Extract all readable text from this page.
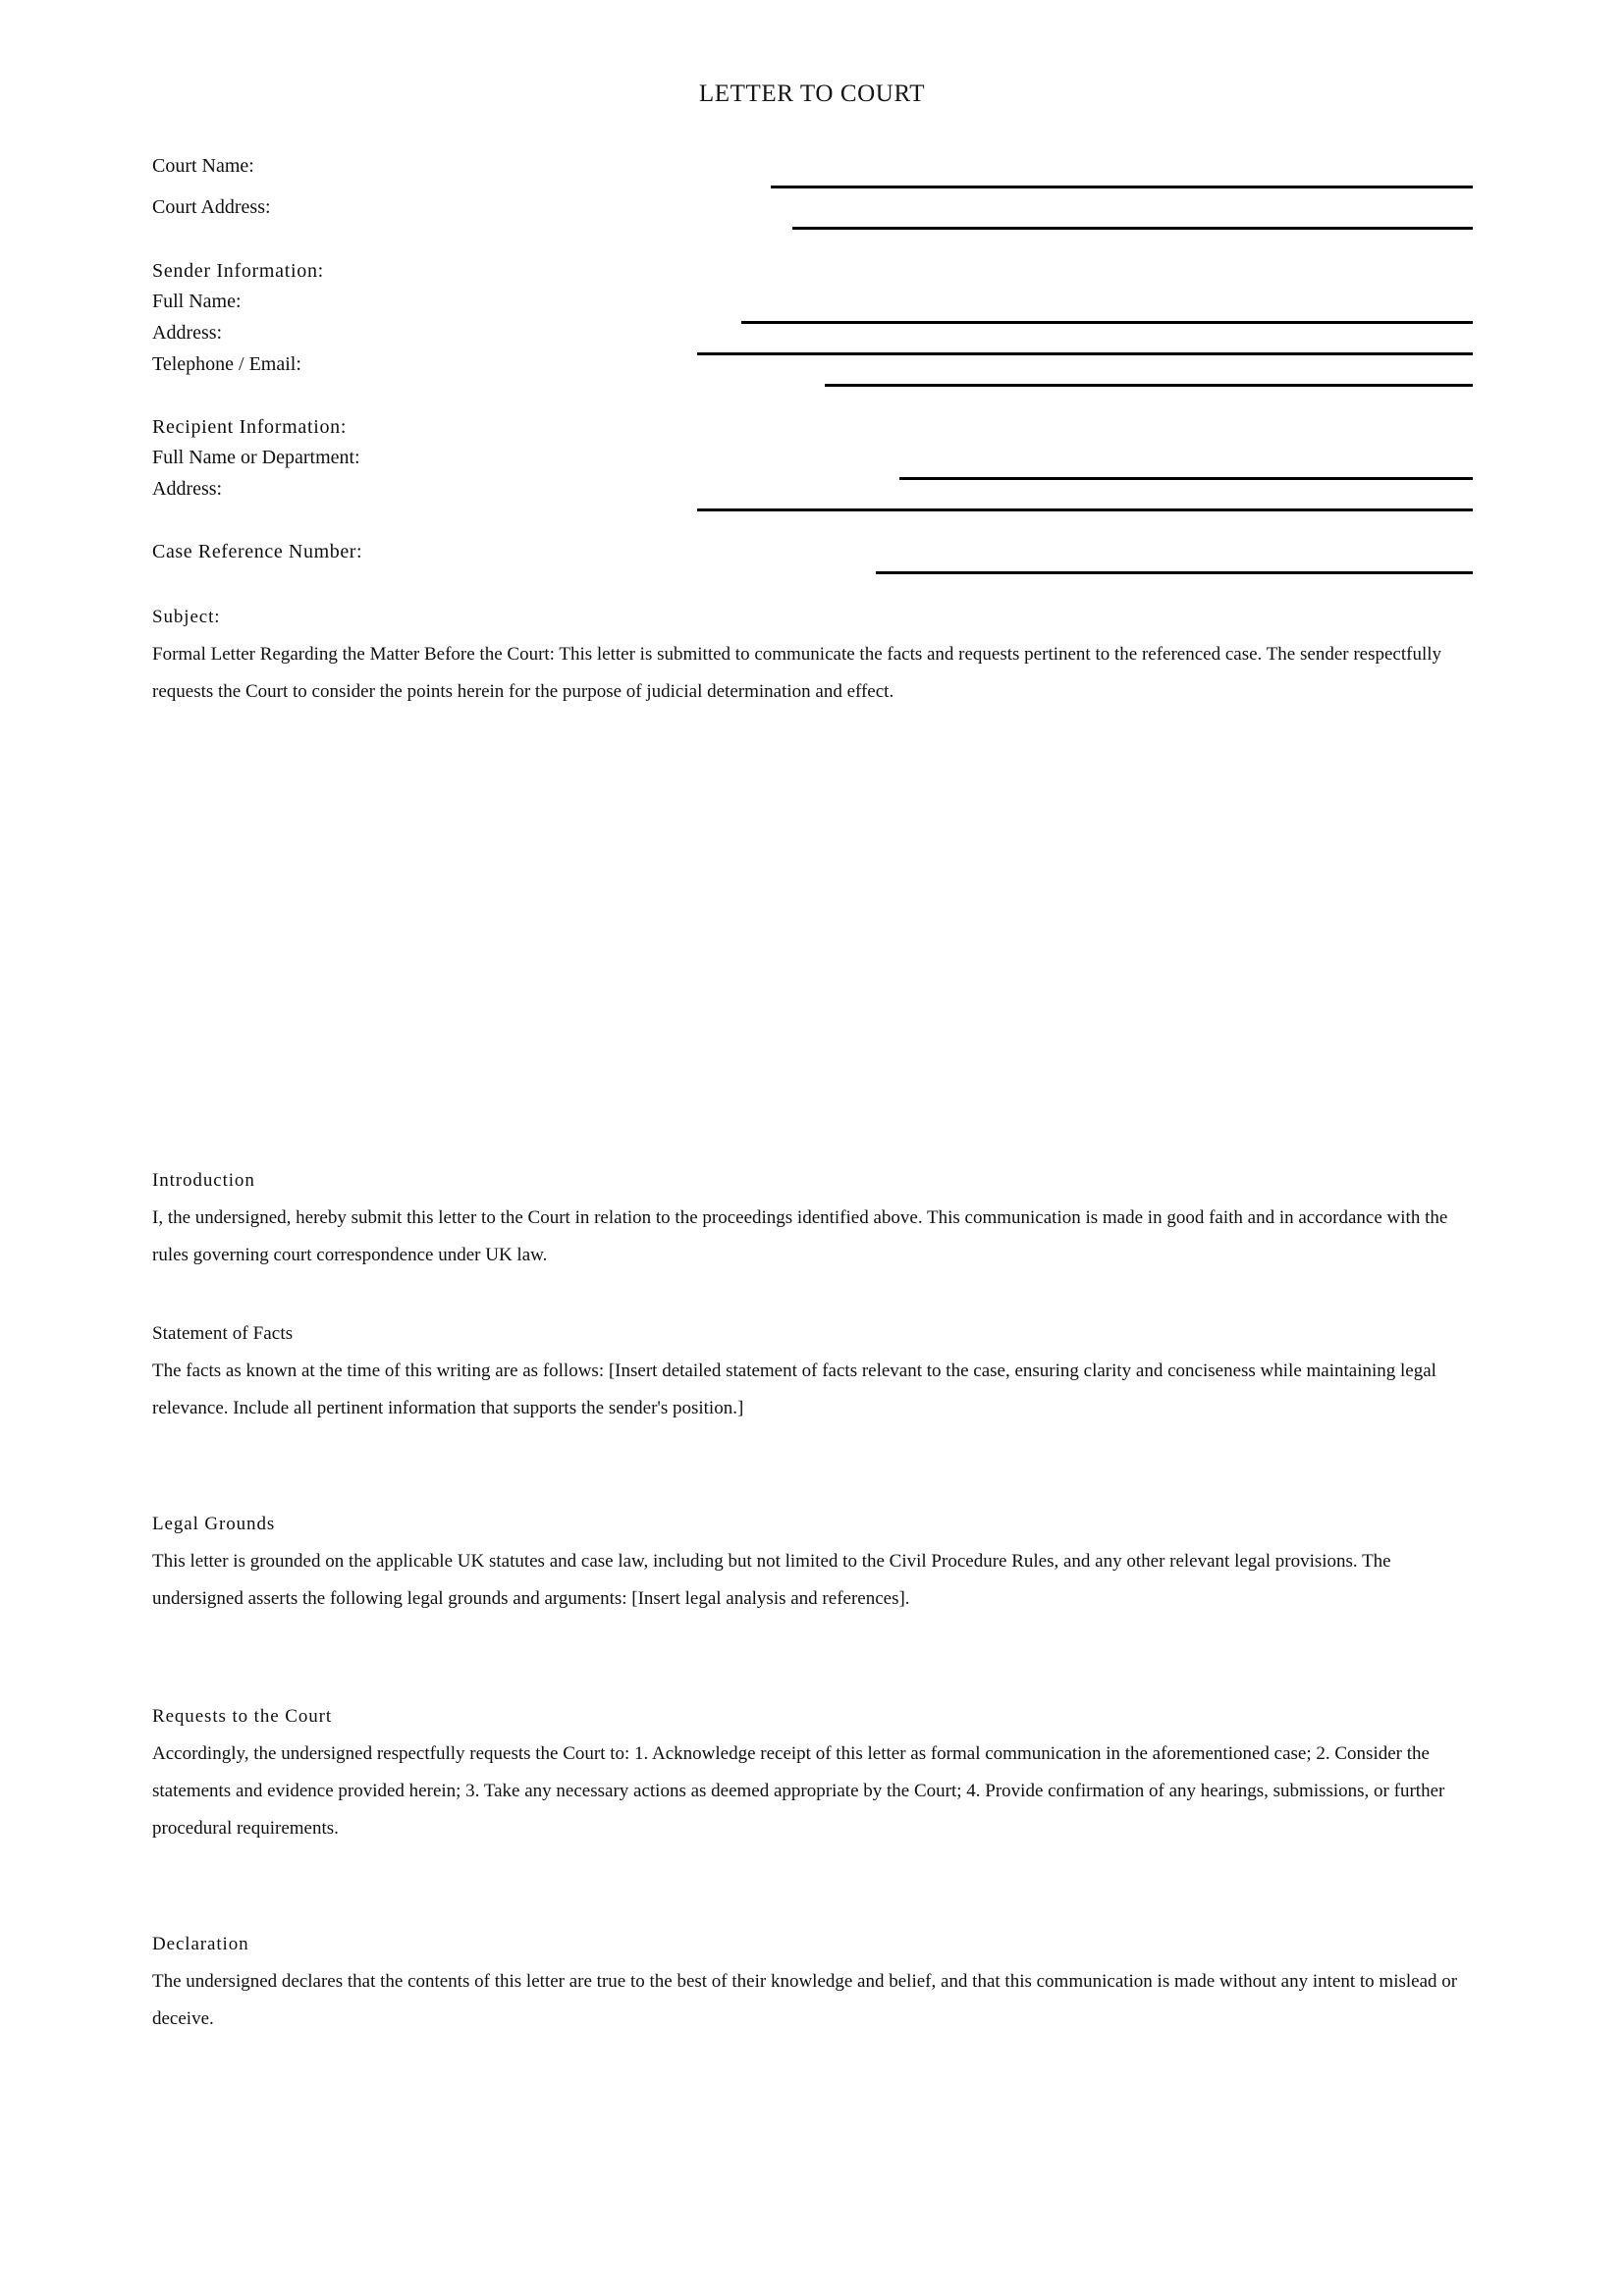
LETTER TO COURT
Court Name:
Court Address:
Sender Information:
Full Name:
Address:
Telephone / Email:
Recipient Information:
Full Name or Department:
Address:
Case Reference Number:
Subject:
Formal Letter Regarding the Matter Before the Court: This letter is submitted to communicate the facts and requests pertinent to the referenced case. The sender respectfully requests the Court to consider the points herein for the purpose of judicial determination and effect.
Introduction
I, the undersigned, hereby submit this letter to the Court in relation to the proceedings identified above. This communication is made in good faith and in accordance with the rules governing court correspondence under UK law.
Statement of Facts
The facts as known at the time of this writing are as follows: [Insert detailed statement of facts relevant to the case, ensuring clarity and conciseness while maintaining legal relevance. Include all pertinent information that supports the sender's position.]
Legal Grounds
This letter is grounded on the applicable UK statutes and case law, including but not limited to the Civil Procedure Rules, and any other relevant legal provisions. The undersigned asserts the following legal grounds and arguments: [Insert legal analysis and references].
Requests to the Court
Accordingly, the undersigned respectfully requests the Court to: 1. Acknowledge receipt of this letter as formal communication in the aforementioned case; 2. Consider the statements and evidence provided herein; 3. Take any necessary actions as deemed appropriate by the Court; 4. Provide confirmation of any hearings, submissions, or further procedural requirements.
Declaration
The undersigned declares that the contents of this letter are true to the best of their knowledge and belief, and that this communication is made without any intent to mislead or deceive.
